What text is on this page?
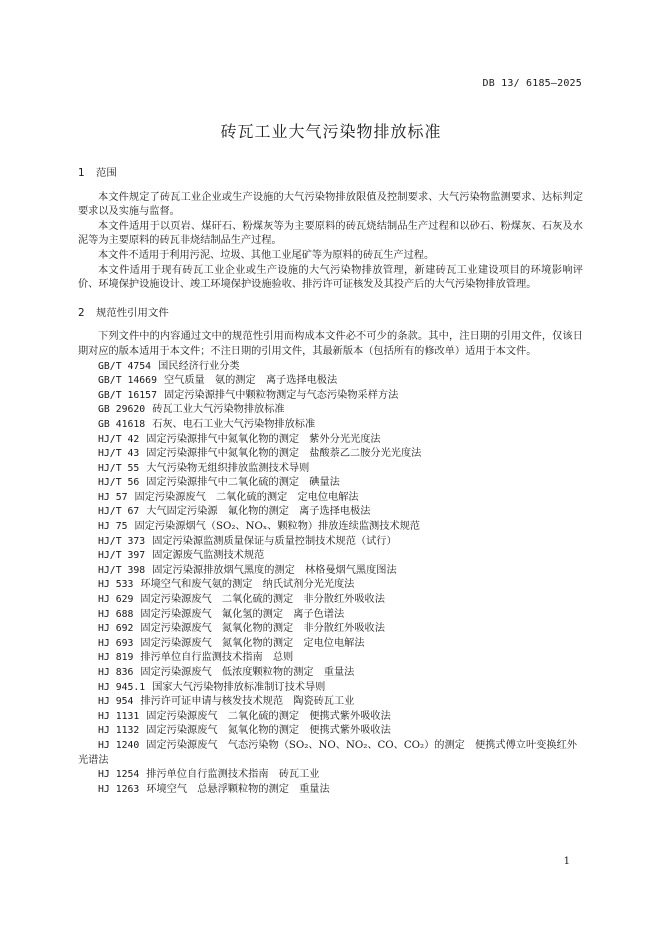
DB 13/ 6185—2025
砖瓦工业大气污染物排放标准
1 范围

本文件规定了砖瓦工业企业或生产设施的大气污染物排放限值及控制要求、大气污染物监测要求、达标判定要求以及实施与监督。

本文件适用于以页岩、煤矸石、粉煤灰等为主要原料的砖瓦烧结制品生产过程和以砂石、粉煤灰、石灰及水泥等为主要原料的砖瓦非烧结制品生产过程。

本文件不适用于利用污泥、垃圾、其他工业尾矿等为原料的砖瓦生产过程。

本文件适用于现有砖瓦工业企业或生产设施的大气污染物排放管理，新建砖瓦工业建设项目的环境影响评价、环境保护设施设计、竣工环境保护设施验收、排污许可证核发及其投产后的大气污染物排放管理。

2 规范性引用文件

下列文件中的内容通过文中的规范性引用而构成本文件必不可少的条款。其中，注日期的引用文件，仅该日期对应的版本适用于本文件；不注日期的引用文件，其最新版本（包括所有的修改单）适用于本文件。

GB/T 4754 国民经济行业分类
GB/T 14669 空气质量　氨的测定　离子选择电极法
GB/T 16157 固定污染源排气中颗粒物测定与气态污染物采样方法
GB 29620 砖瓦工业大气污染物排放标准
GB 41618 石灰、电石工业大气污染物排放标准
HJ/T 42 固定污染源排气中氮氧化物的测定　紫外分光光度法
HJ/T 43 固定污染源排气中氮氧化物的测定　盐酸萘乙二胺分光光度法
HJ/T 55 大气污染物无组织排放监测技术导则
HJ/T 56 固定污染源排气中二氧化硫的测定　碘量法
HJ 57 固定污染源废气　二氧化硫的测定　定电位电解法
HJ/T 67 大气固定污染源　氟化物的测定　离子选择电极法
HJ 75 固定污染源烟气（SO₂、NOₓ、颗粒物）排放连续监测技术规范
HJ/T 373 固定污染源监测质量保证与质量控制技术规范（试行）
HJ/T 397 固定源废气监测技术规范
HJ/T 398 固定污染源排放烟气黑度的测定　林格曼烟气黑度图法
HJ 533 环境空气和废气氨的测定　纳氏试剂分光光度法
HJ 629 固定污染源废气　二氧化硫的测定　非分散红外吸收法
HJ 688 固定污染源废气　氟化氢的测定　离子色谱法
HJ 692 固定污染源废气　氮氧化物的测定　非分散红外吸收法
HJ 693 固定污染源废气　氮氧化物的测定　定电位电解法
HJ 819 排污单位自行监测技术指南　总则
HJ 836 固定污染源废气　低浓度颗粒物的测定　重量法
HJ 945.1 国家大气污染物排放标准制订技术导则
HJ 954 排污许可证申请与核发技术规范　陶瓷砖瓦工业
HJ 1131 固定污染源废气　二氧化硫的测定　便携式紫外吸收法
HJ 1132 固定污染源废气　氮氧化物的测定　便携式紫外吸收法
HJ 1240 固定污染源废气　气态污染物（SO₂、NO、NO₂、CO、CO₂）的测定　便携式傅立叶变换红外光谱法
HJ 1254 排污单位自行监测技术指南　砖瓦工业
HJ 1263 环境空气　总悬浮颗粒物的测定　重量法
1
